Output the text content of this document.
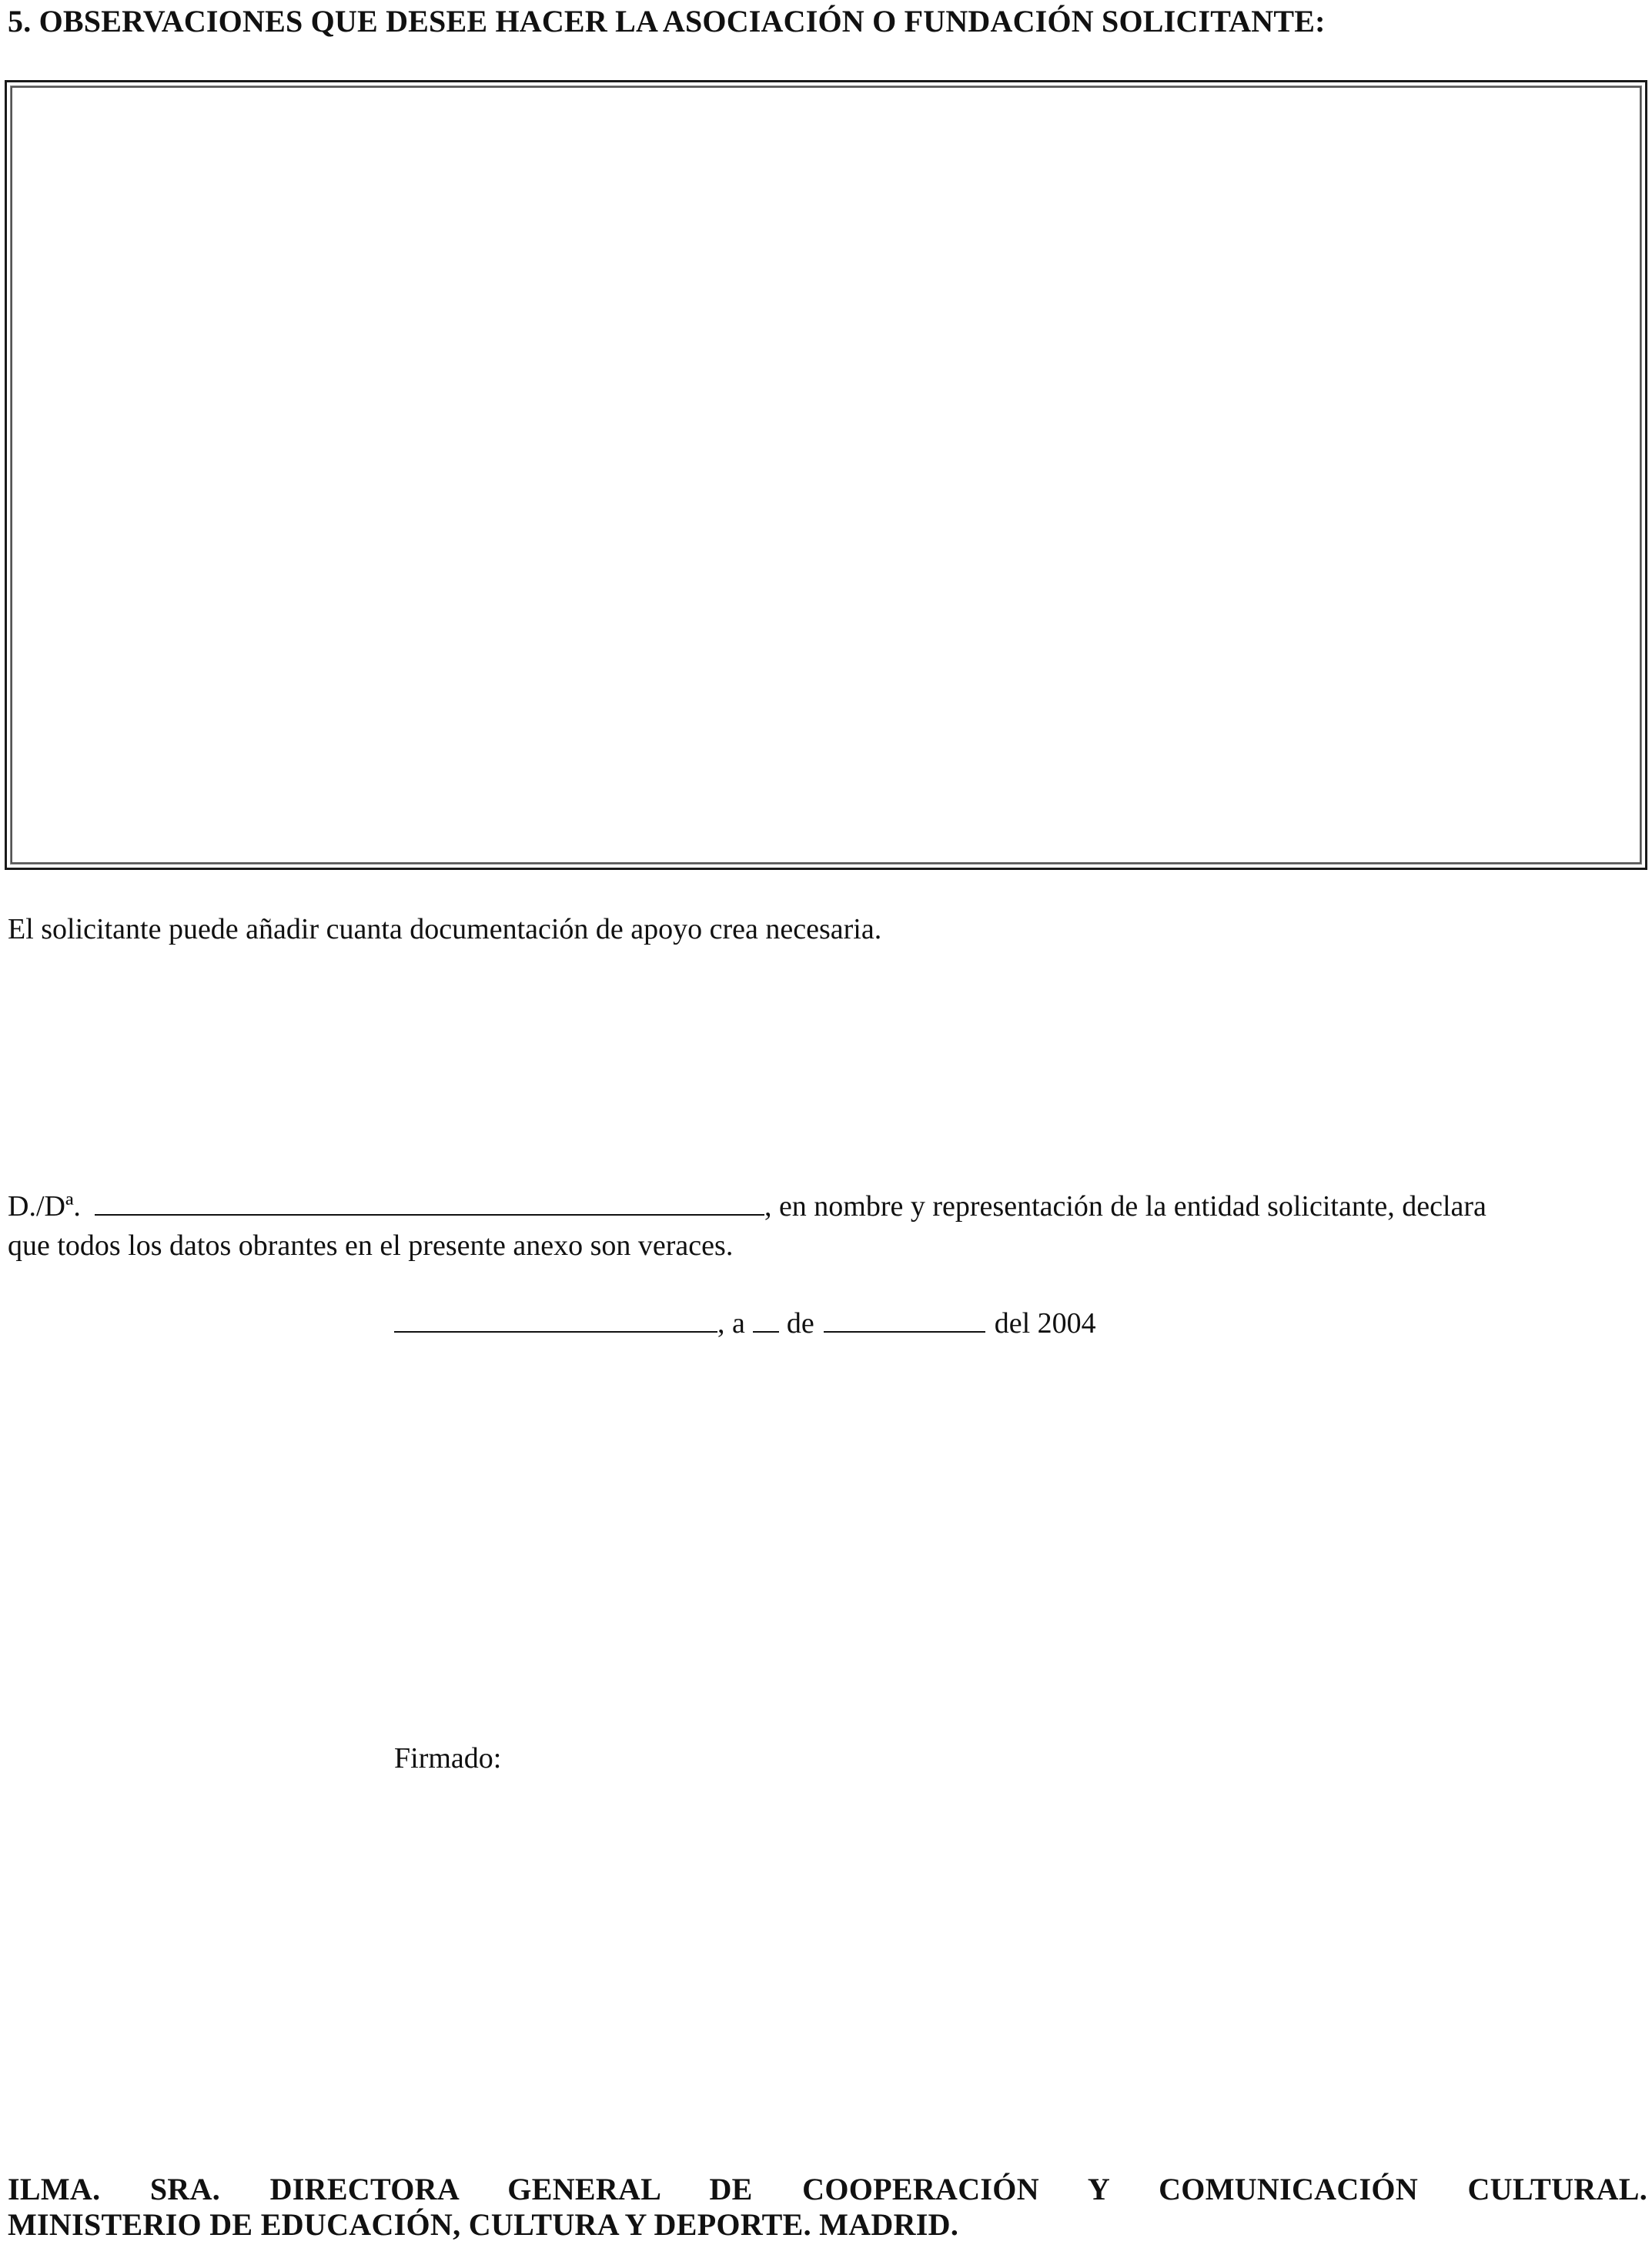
5. OBSERVACIONES QUE DESEE HACER LA ASOCIACIÓN O FUNDACIÓN SOLICITANTE:
El solicitante puede añadir cuanta documentación de apoyo crea necesaria.
D./Dª.	, en nombre y representación de la entidad solicitante, declara
que todos los datos obrantes en el presente anexo son veraces.
, a de	del 2004
Firmado:
ILMA. SRA. DIRECTORA GENERAL DE COOPERACIÓN Y COMUNICACIÓN CULTURAL.
MINISTERIO DE EDUCACIÓN, CULTURA Y DEPORTE. MADRID.
